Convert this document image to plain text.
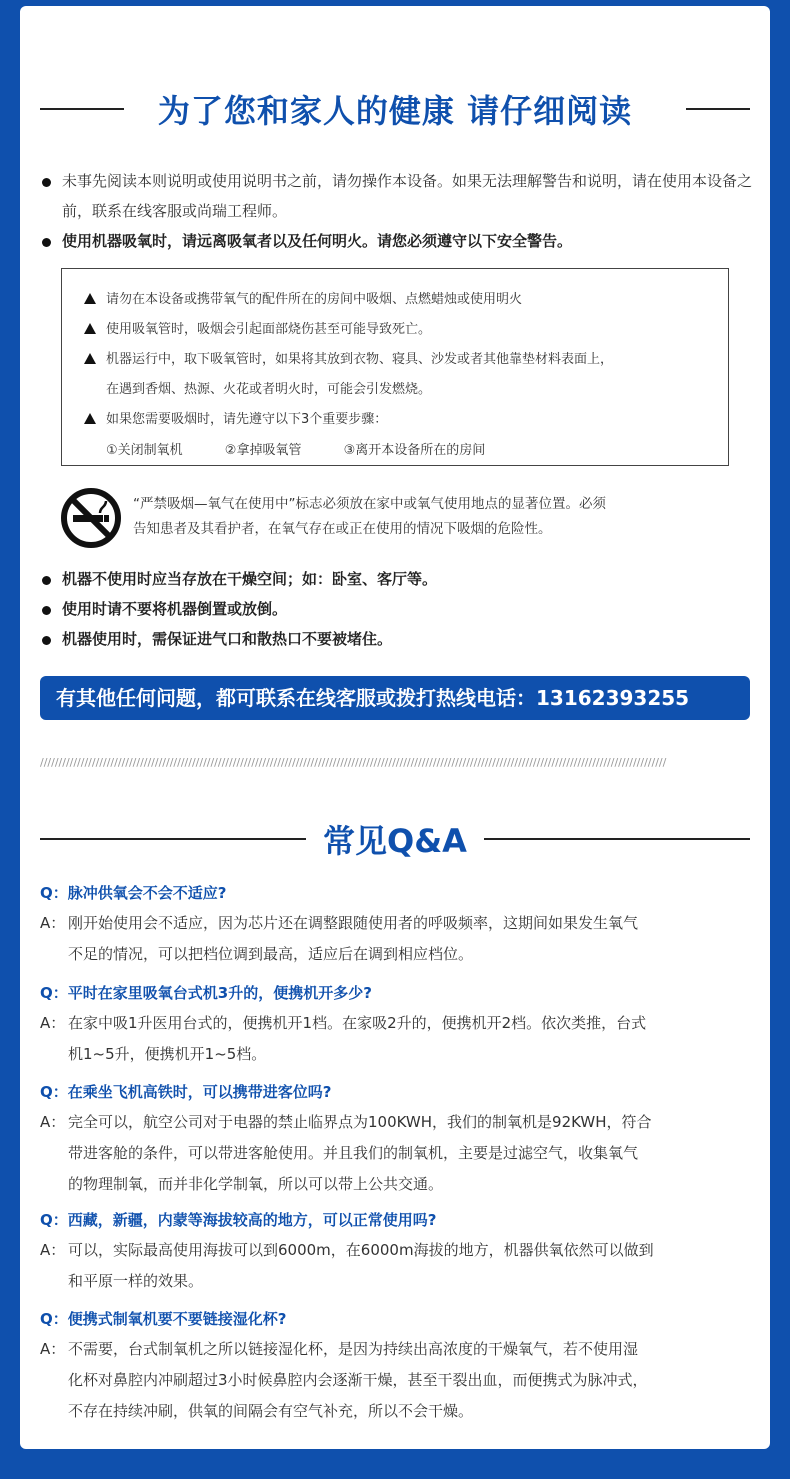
为了您和家人的健康 请仔细阅读
未事先阅读本则说明或使用说明书之前，请勿操作本设备。如果无法理解警告和说明，请在使用本设备之前，联系在线客服或尚瑞工程师。
使用机器吸氧时，请远离吸氧者以及任何明火。请您必须遵守以下安全警告。
请勿在本设备或携带氧气的配件所在的房间中吸烟、点燃蜡烛或使用明火
使用吸氧管时，吸烟会引起面部烧伤甚至可能导致死亡。
机器运行中，取下吸氧管时，如果将其放到衣物、寝具、沙发或者其他靠垫材料表面上，
在遇到香烟、热源、火花或者明火时，可能会引发燃烧。
如果您需要吸烟时，请先遵守以下3个重要步骤：
①关闭制氧机	②拿掉吸氧管	③离开本设备所在的房间
“严禁吸烟—氧气在使用中”标志必须放在家中或氧气使用地点的显著位置。必须
告知患者及其看护者，在氧气存在或正在使用的情况下吸烟的危险性。
机器不使用时应当存放在干燥空间；如：卧室、客厅等。
使用时请不要将机器倒置或放倒。
机器使用时，需保证进气口和散热口不要被堵住。
有其他任何问题，都可联系在线客服或拨打热线电话：13162393255
/////////////////////////////////////////////////////////////////////////////////////////////////////////////////////////////////////////////////////////////////////////
常见Q&A
Q：脉冲供氧会不会不适应?
A： 刚开始使用会不适应，因为芯片还在调整跟随使用者的呼吸频率，这期间如果发生氧气
不足的情况，可以把档位调到最高，适应后在调到相应档位。
Q：平时在家里吸氧台式机3升的，便携机开多少?
A： 在家中吸1升医用台式的，便携机开1档。在家吸2升的，便携机开2档。依次类推，台式
机1~5升，便携机开1~5档。
Q：在乘坐飞机高铁时，可以携带进客位吗?
A： 完全可以，航空公司对于电器的禁止临界点为100KWH，我们的制氧机是92KWH，符合
带进客舱的条件，可以带进客舱使用。并且我们的制氧机，主要是过滤空气，收集氧气
的物理制氧，而并非化学制氧，所以可以带上公共交通。
Q：西藏，新疆，内蒙等海拔较高的地方，可以正常使用吗?
A： 可以，实际最高使用海拔可以到6000m，在6000m海拔的地方，机器供氧依然可以做到
和平原一样的效果。
Q：便携式制氧机要不要链接湿化杯?
A： 不需要，台式制氧机之所以链接湿化杯，是因为持续出高浓度的干燥氧气，若不使用湿
化杯对鼻腔内冲刷超过3小时候鼻腔内会逐渐干燥，甚至干裂出血，而便携式为脉冲式，
不存在持续冲刷，供氧的间隔会有空气补充，所以不会干燥。
